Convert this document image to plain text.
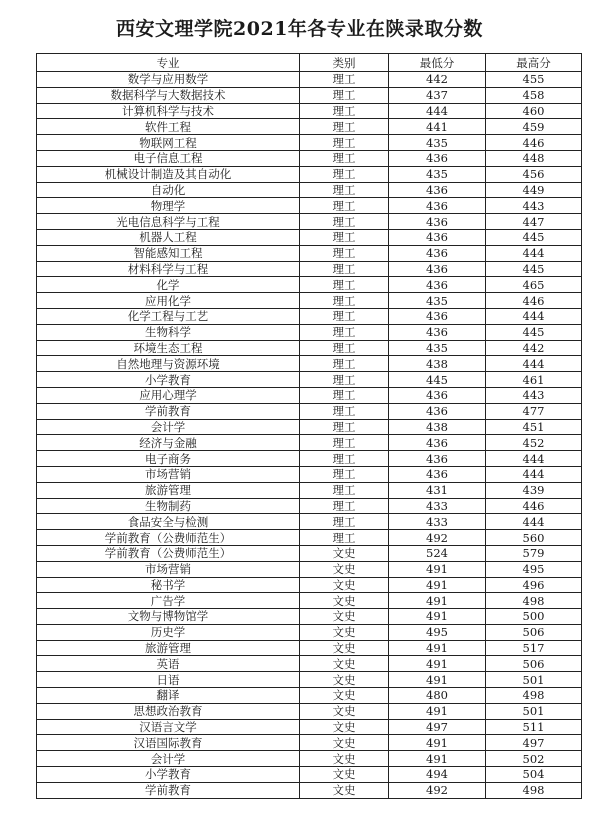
西安文理学院2021年各专业在陕录取分数
专业	类别	最低分	最高分
数学与应用数学	理工	442	455
数据科学与大数据技术	理工	437	458
计算机科学与技术	理工	444	460
软件工程	理工	441	459
物联网工程	理工	435	446
电子信息工程	理工	436	448
机械设计制造及其自动化	理工	435	456
自动化	理工	436	449
物理学	理工	436	443
光电信息科学与工程	理工	436	447
机器人工程	理工	436	445
智能感知工程	理工	436	444
材料科学与工程	理工	436	445
化学	理工	436	465
应用化学	理工	435	446
化学工程与工艺	理工	436	444
生物科学	理工	436	445
环境生态工程	理工	435	442
自然地理与资源环境	理工	438	444
小学教育	理工	445	461
应用心理学	理工	436	443
学前教育	理工	436	477
会计学	理工	438	451
经济与金融	理工	436	452
电子商务	理工	436	444
市场营销	理工	436	444
旅游管理	理工	431	439
生物制药	理工	433	446
食品安全与检测	理工	433	444
学前教育（公费师范生）	理工	492	560
学前教育（公费师范生）	文史	524	579
市场营销	文史	491	495
秘书学	文史	491	496
广告学	文史	491	498
文物与博物馆学	文史	491	500
历史学	文史	495	506
旅游管理	文史	491	517
英语	文史	491	506
日语	文史	491	501
翻译	文史	480	498
思想政治教育	文史	491	501
汉语言文学	文史	497	511
汉语国际教育	文史	491	497
会计学	文史	491	502
小学教育	文史	494	504
学前教育	文史	492	498
